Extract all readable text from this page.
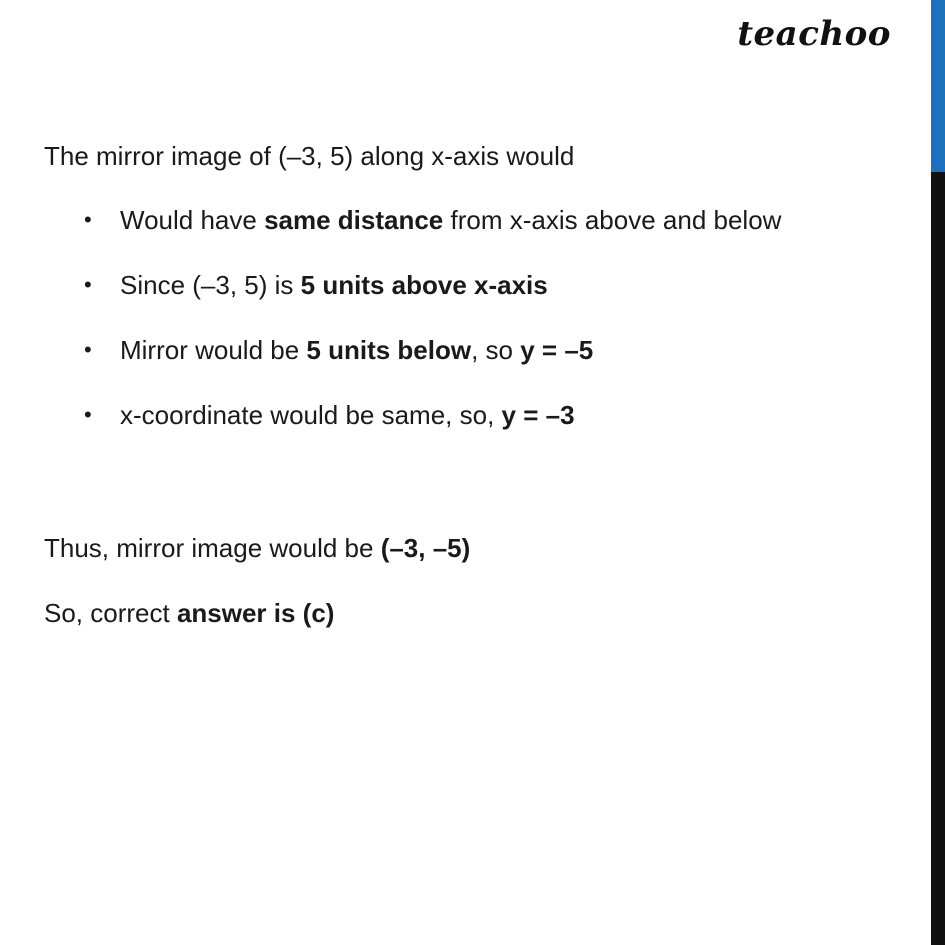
teachoo
The mirror image of (–3, 5) along x-axis would
• Would have same distance from x-axis above and below
• Since (–3, 5) is 5 units above x-axis
• Mirror would be 5 units below, so y = –5
• x-coordinate would be same, so, y = –3
Thus, mirror image would be (–3, –5)
So, correct answer is (c)
